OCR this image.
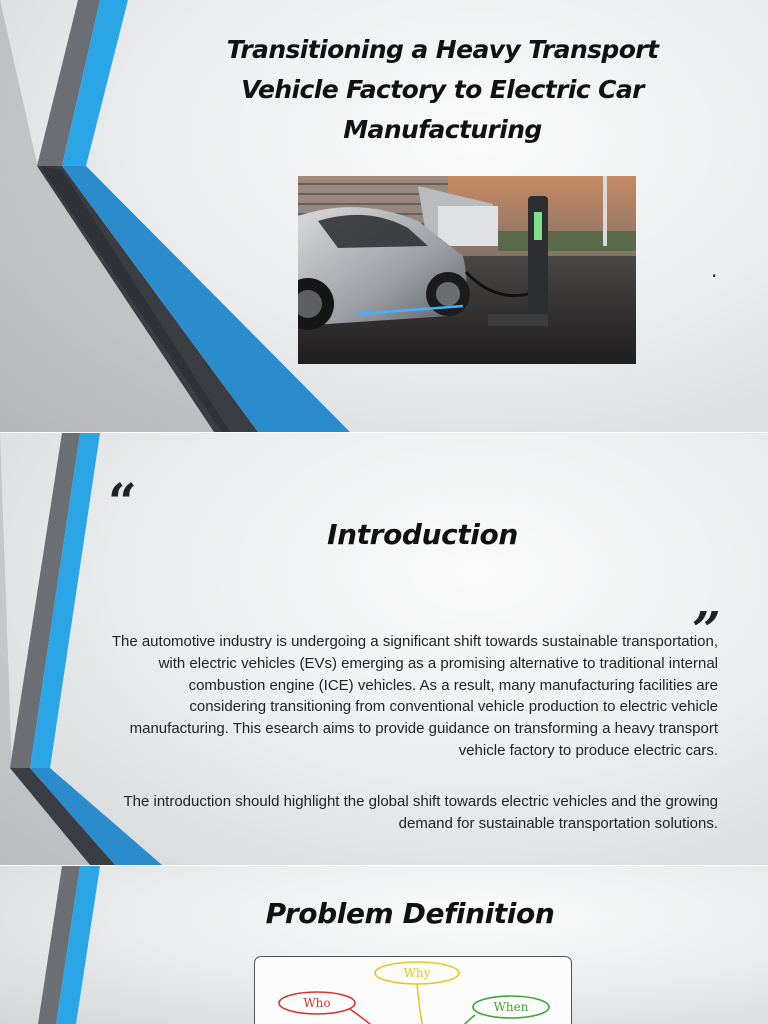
Transitioning a Heavy Transport Vehicle Factory to Electric Car Manufacturing
.
“
Introduction
”

The automotive industry is undergoing a significant shift towards sustainable transportation, with electric vehicles (EVs) emerging as a promising alternative to traditional internal combustion engine (ICE) vehicles. As a result, many manufacturing facilities are considering transitioning from conventional vehicle production to electric vehicle manufacturing. This esearch aims to provide guidance on transforming a heavy transport vehicle factory to produce electric cars.

The introduction should highlight the global shift towards electric vehicles and the growing demand for sustainable transportation solutions.

Problem Definition
Why
Who	When
